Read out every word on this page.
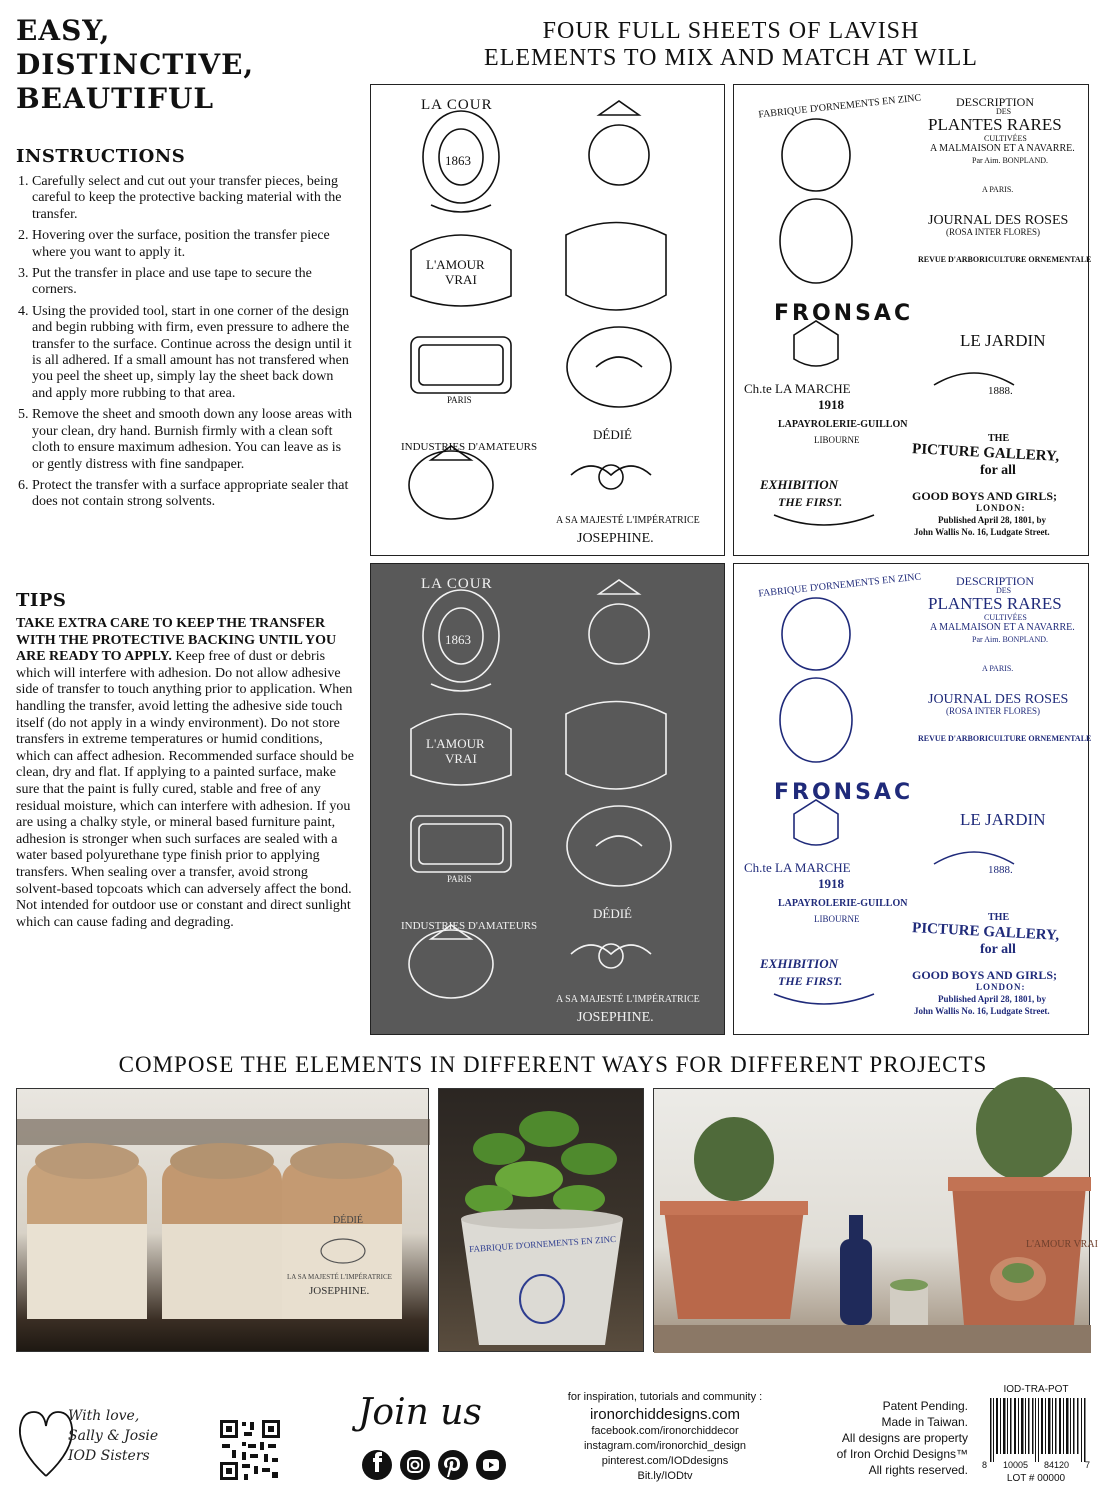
EASY,
DISTINCTIVE,
BEAUTIFUL
INSTRUCTIONS
1. Carefully select and cut out your transfer pieces, being careful to keep the protective backing material with the transfer.
2. Hovering over the surface, position the transfer piece where you want to apply it.
3. Put the transfer in place and use tape to secure the corners.
4. Using the provided tool, start in one corner of the design and begin rubbing with firm, even pressure to adhere the transfer to the surface. Continue across the design until it is all adhered. If a small amount has not transfered when you peel the sheet up, simply lay the sheet back down and apply more rubbing to that area.
5. Remove the sheet and smooth down any loose areas with your clean, dry hand. Burnish firmly with a clean soft cloth to ensure maximum adhesion. You can leave as is or gently distress with fine sandpaper.
6. Protect the transfer with a surface appropriate sealer that does not contain strong solvents.
TIPS
TAKE EXTRA CARE TO KEEP THE TRANSFER WITH THE PROTECTIVE BACKING UNTIL YOU ARE READY TO APPLY. Keep free of dust or debris which will interfere with adhesion. Do not allow adhesive side of transfer to touch anything prior to application. When handling the transfer, avoid letting the adhesive side touch itself (do not apply in a windy environment). Do not store transfers in extreme temperatures or humid conditions, which can affect adhesion. Recommended surface should be clean, dry and flat. If applying to a painted surface, make sure that the paint is fully cured, stable and free of any residual moisture, which can interfere with adhesion. If you are using a chalky style, or mineral based furniture paint, adhesion is stronger when such surfaces are sealed with a water based polyurethane type finish prior to applying transfers. When sealing over a transfer, avoid strong solvent-based topcoats which can adversely affect the bond. Not intended for outdoor use or constant and direct sunlight which can cause fading and degrading.
FOUR FULL SHEETS OF LAVISH
ELEMENTS TO MIX AND MATCH AT WILL
LA COUR
1863
L'AMOUR
VRAI
PARIS
INDUSTRIES D'AMATEURS
DÉDIÉ
A SA MAJESTÉ L'IMPÉRATRICE
JOSEPHINE.
FABRIQUE D'ORNEMENTS EN ZINC	DESCRIPTION
DES
PLANTES RARES
CULTIVÉES
A MALMAISON ET A NAVARRE.
Par Aim. BONPLAND.
A PARIS.
JOURNAL DES ROSES
(ROSA INTER FLORES)
REVUE D'ARBORICULTURE ORNEMENTALE
FRONSAC
LE JARDIN
Ch.te LA MARCHE
1918
LAPAYROLERIE-GUILLON
LIBOURNE
1888.
THE
PICTURE GALLERY,
for all
EXHIBITION
THE FIRST.	GOOD BOYS AND GIRLS;
LONDON:
Published April 28, 1801, by
John Wallis No. 16, Ludgate Street.
LA COUR
1863
L'AMOUR
VRAI
PARIS
INDUSTRIES D'AMATEURS
DÉDIÉ
A SA MAJESTÉ L'IMPÉRATRICE
JOSEPHINE.
FABRIQUE D'ORNEMENTS EN ZINC	DESCRIPTION
DES
PLANTES RARES
CULTIVÉES
A MALMAISON ET A NAVARRE.
Par Aim. BONPLAND.
A PARIS.
JOURNAL DES ROSES
(ROSA INTER FLORES)
REVUE D'ARBORICULTURE ORNEMENTALE
FRONSAC
LE JARDIN
Ch.te LA MARCHE
1918
LAPAYROLERIE-GUILLON
LIBOURNE
1888.
THE
PICTURE GALLERY,
for all
EXHIBITION
THE FIRST.	GOOD BOYS AND GIRLS;
LONDON:
Published April 28, 1801, by
John Wallis No. 16, Ludgate Street.
COMPOSE THE ELEMENTS IN DIFFERENT WAYS FOR DIFFERENT PROJECTS
DÉDIÉ
LA SA MAJESTÉ L'IMPÉRATRICE
JOSEPHINE.
FABRIQUE D'ORNEMENTS EN ZINC	L'AMOUR VRAI
With love,
Sally & Josie
IOD Sisters
Join us	for inspiration, tutorials and community :
ironorchiddesigns.com
facebook.com/ironorchiddecor
instagram.com/ironorchid_design
pinterest.com/IODdesigns
Bit.ly/IODtv
Patent Pending.
Made in Taiwan.
All designs are property
of Iron Orchid Designs™
All rights reserved.
IOD-TRA-POT
8 10005 84120 7
LOT # 00000
